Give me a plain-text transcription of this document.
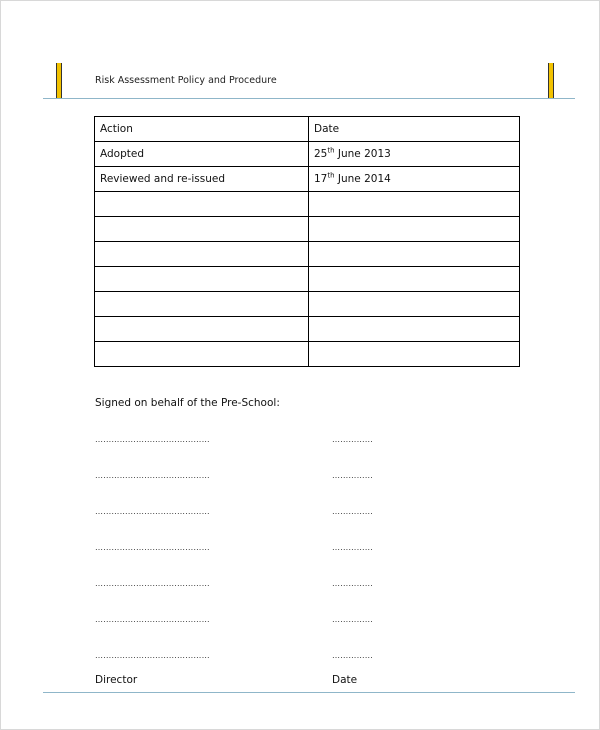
Risk Assessment Policy and Procedure
Action	Date
Adopted	25th June 2013
Reviewed and re-issued	17th June 2014

Signed on behalf of the Pre-School:
……………………………………	……………
……………………………………	……………
……………………………………	……………
……………………………………	……………
……………………………………	……………
……………………………………	……………
……………………………………	……………
Director	Date
